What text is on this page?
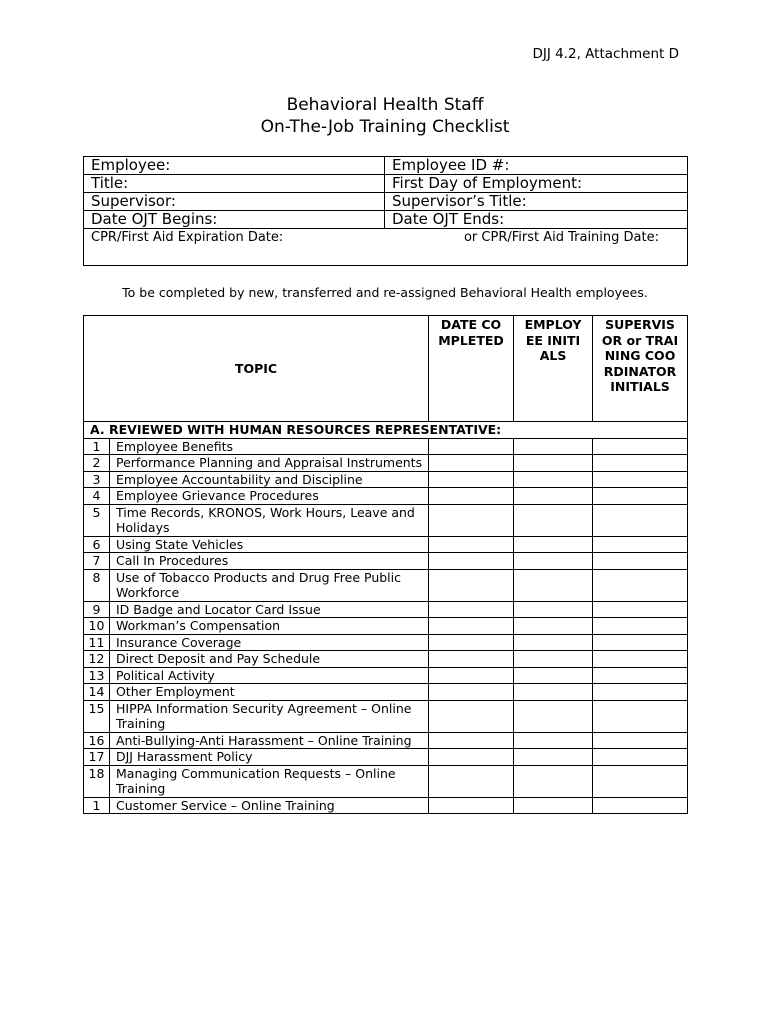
DJJ 4.2, Attachment D
Behavioral Health Staff
On-The-Job Training Checklist
Employee:	Employee ID #:
Title:	First Day of Employment:
Supervisor:	Supervisor’s Title:
Date OJT Begins:	Date OJT Ends:

CPR/First Aid Expiration Date: or CPR/First Aid Training Date:	
To be completed by new, transferred and re-assigned Behavioral Health employees.
TOPIC		DATE COMPLETED	EMPLOYEE INITIALS	SUPERVISOR or TRAINING COORDINATOR INITIALS
A. REVIEWED WITH HUMAN RESOURCES REPRESENTATIVE:				
1	Employee Benefits			
2	Performance Planning and Appraisal Instruments			
3	Employee Accountability and Discipline			
4	Employee Grievance Procedures			
5	Time Records, KRONOS, Work Hours, Leave and Holidays			
6	Using State Vehicles			
7	Call In Procedures			
8	Use of Tobacco Products and Drug Free Public Workforce			
9	ID Badge and Locator Card Issue			
10	Workman’s Compensation			
11	Insurance Coverage			
12	Direct Deposit and Pay Schedule			
13	Political Activity			
14	Other Employment			
15	HIPPA Information Security Agreement – Online Training			
16	Anti-Bullying-Anti Harassment – Online Training			
17	DJJ Harassment Policy			
18	Managing Communication Requests – Online Training			
1	Customer Service – Online Training			
